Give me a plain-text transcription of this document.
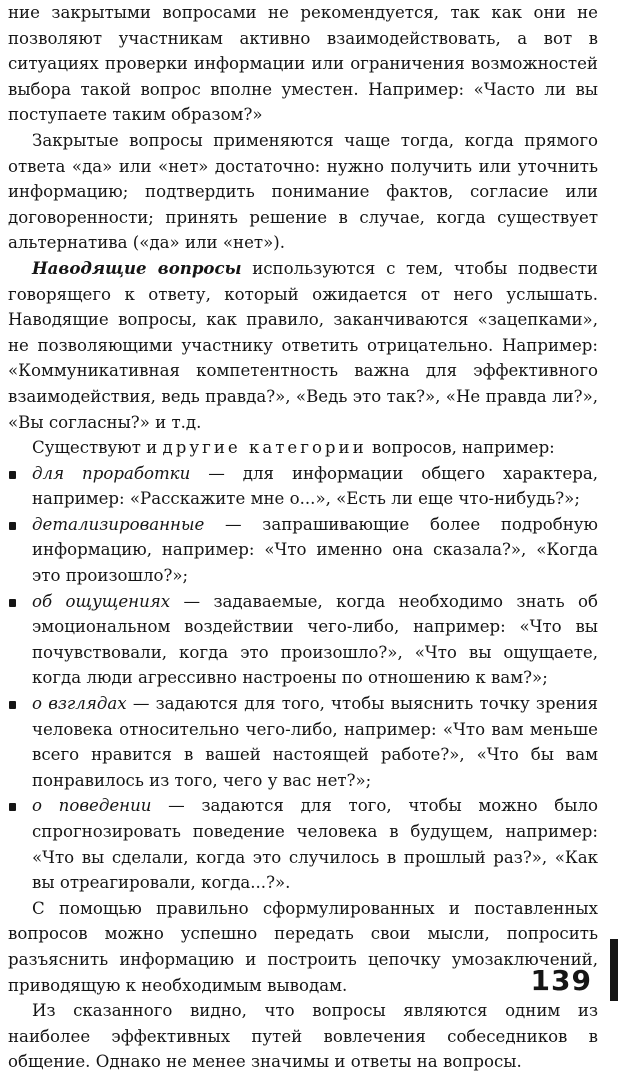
ние закрытыми вопросами не рекомендуется, так как они не позволяют участникам активно взаимодействовать, а вот в ситуациях проверки информации или ограничения возможностей выбора такой вопрос вполне уместен. Например: «Часто ли вы поступаете таким образом?»

Закрытые вопросы применяются чаще тогда, когда прямого ответа «да» или «нет» достаточно: нужно получить или уточнить информацию; подтвердить понимание фактов, согласие или договоренности; принять решение в случае, когда существует альтернатива («да» или «нет»).

Наводящие вопросы используются с тем, чтобы подвести говорящего к ответу, который ожидается от него услышать. Наводящие вопросы, как правило, заканчиваются «зацепками», не позволяющими участнику ответить отрицательно. Например: «Коммуникативная компетентность важна для эффективного взаимодействия, ведь правда?», «Ведь это так?», «Не правда ли?», «Вы согласны?» и т.д.

Существуют и другие категории вопросов, например:

для проработки — для информации общего характера, например: «Расскажите мне о...», «Есть ли еще что-нибудь?»;
детализированные — запрашивающие более подробную информацию, например: «Что именно она сказала?», «Когда это произошло?»;
об ощущениях — задаваемые, когда необходимо знать об эмоциональном воздействии чего-либо, например: «Что вы почувствовали, когда это произошло?», «Что вы ощущаете, когда люди агрессивно настроены по отношению к вам?»;
о взглядах — задаются для того, чтобы выяснить точку зрения человека относительно чего-либо, например: «Что вам меньше всего нравится в вашей настоящей работе?», «Что бы вам понравилось из того, чего у вас нет?»;
о поведении — задаются для того, чтобы можно было спрогнозировать поведение человека в будущем, например: «Что вы сделали, когда это случилось в прошлый раз?», «Как вы отреагировали, когда...?».

С помощью правильно сформулированных и поставленных вопросов можно успешно передать свои мысли, попросить разъяснить информацию и построить цепочку умозаключений, приводящую к необходимым выводам.

Из сказанного видно, что вопросы являются одним из наиболее эффективных путей вовлечения собеседников в общение. Однако не менее значимы и ответы на вопросы.

139
